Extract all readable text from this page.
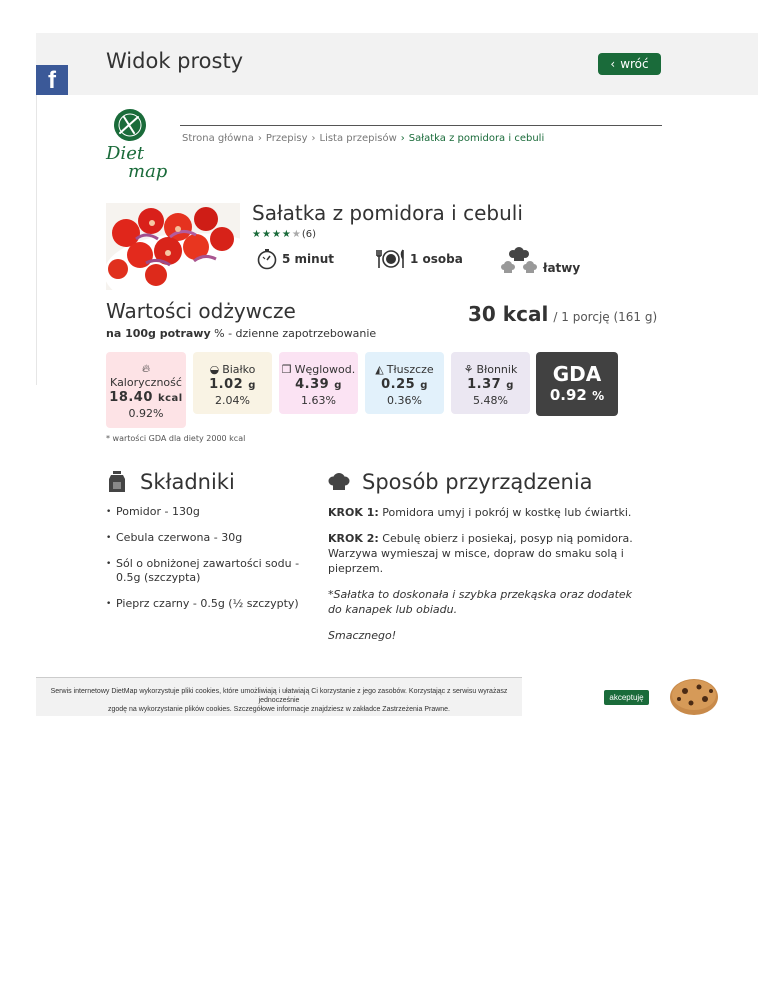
Widok prosty	‹ wróć
f
Diet
map
Strona główna › Przepisy › Lista przepisów › Sałatka z pomidora i cebuli
Sałatka z pomidora i cebuli
★ ★ ★ ★ ★ (6)
5 minut	1 osoba
łatwy
Wartości odżywcze	30 kcal / 1 porcję (161 g)
na 100g potrawy % - dzienne zapotrzebowanie
🔥︎
Kaloryczność
18.40 kcal
0.92%
◒ Białko
1.02 g
2.04%
❒ Węglowod.
4.39 g
1.63%
◭ Tłuszcze
0.25 g
0.36%
⚘ Błonnik
1.37 g
5.48%
GDA
0.92 %
* wartości GDA dla diety 2000 kcal
Składniki
• Pomidor - 130g
• Cebula czerwona - 30g
• Sól o obniżonej zawartości sodu - 0.5g (szczypta)
• Pieprz czarny - 0.5g (½ szczypty)
Sposób przyrządzenia

KROK 1: Pomidora umyj i pokrój w kostkę lub ćwiartki.

KROK 2: Cebulę obierz i posiekaj, posyp nią pomidora. Warzywa wymieszaj w misce, dopraw do smaku solą i pieprzem.

*Sałatka to doskonała i szybka przekąska oraz dodatek do kanapek lub obiadu.

Smacznego!

Serwis internetowy DietMap wykorzystuje pliki cookies, które umożliwiają i ułatwiają Ci korzystanie z jego zasobów. Korzystając z serwisu wyrażasz jednocześnie
zgodę na wykorzystanie plików cookies. Szczegółowe informacje znajdziesz w zakładce Zastrzeżenia Prawne.
akceptuję
